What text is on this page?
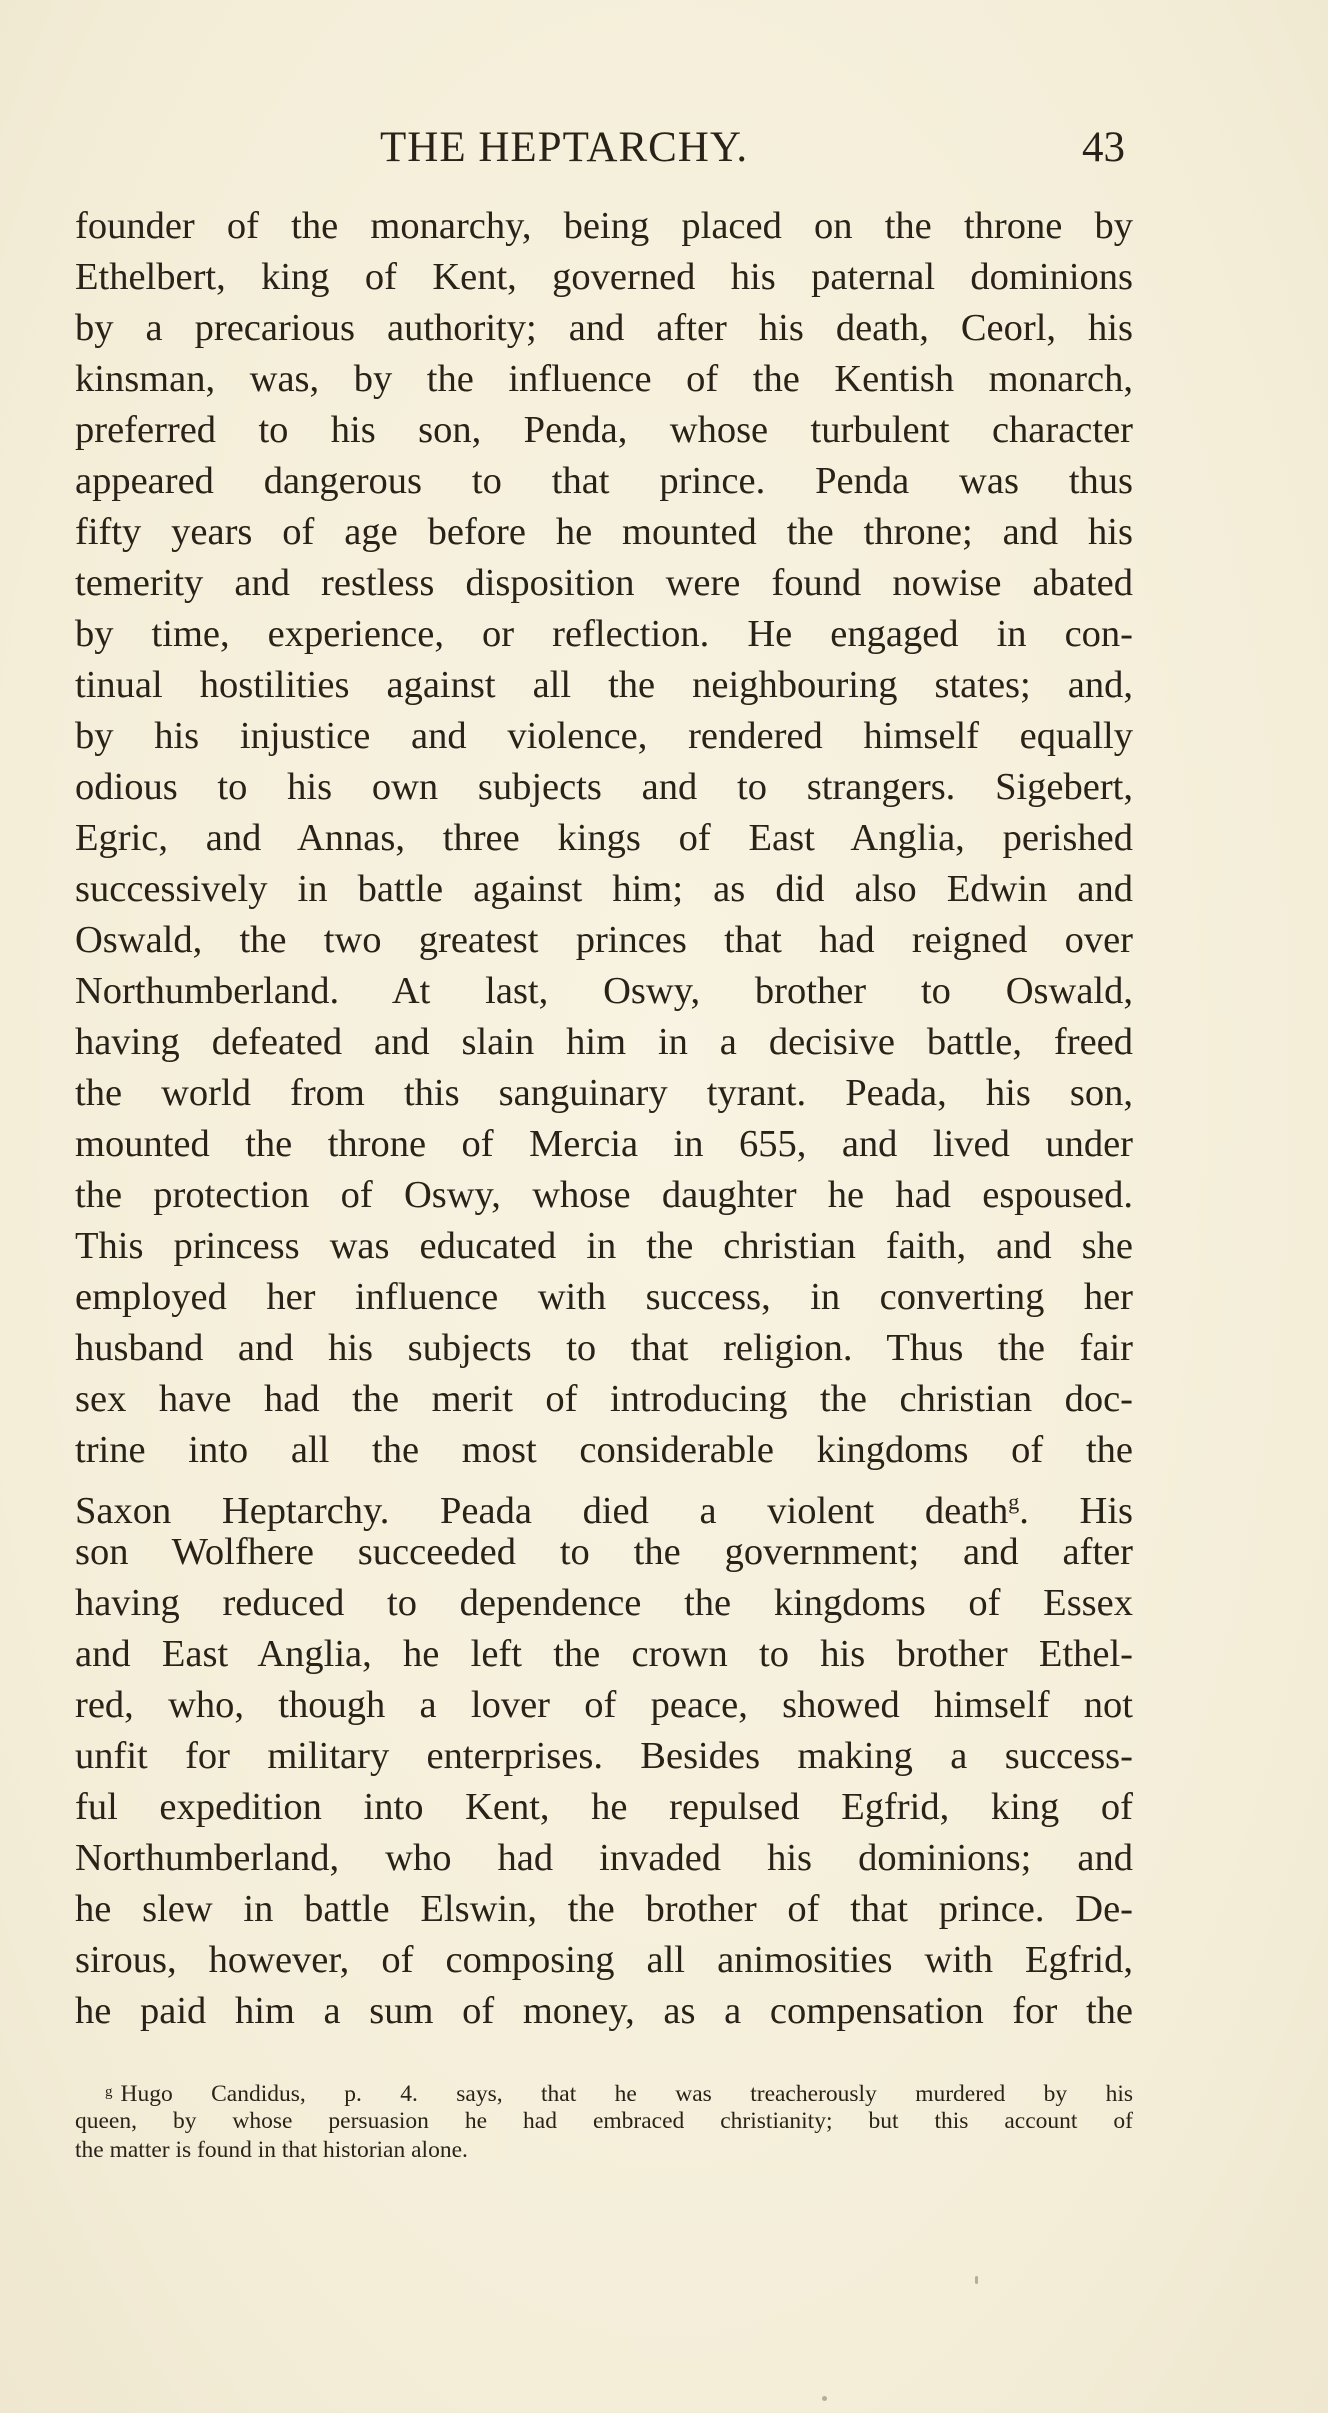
THE HEPTARCHY.	43
founder of the monarchy, being placed on the throne by
Ethelbert, king of Kent, governed his paternal dominions
by a precarious authority; and after his death, Ceorl, his
kinsman, was, by the influence of the Kentish monarch,
preferred to his son, Penda, whose turbulent character
appeared dangerous to that prince. Penda was thus
fifty years of age before he mounted the throne; and his
temerity and restless disposition were found nowise abated
by time, experience, or reflection. He engaged in con-
tinual hostilities against all the neighbouring states; and,
by his injustice and violence, rendered himself equally
odious to his own subjects and to strangers. Sigebert,
Egric, and Annas, three kings of East Anglia, perished
successively in battle against him; as did also Edwin and
Oswald, the two greatest princes that had reigned over
Northumberland. At last, Oswy, brother to Oswald,
having defeated and slain him in a decisive battle, freed
the world from this sanguinary tyrant. Peada, his son,
mounted the throne of Mercia in 655, and lived under
the protection of Oswy, whose daughter he had espoused.
This princess was educated in the christian faith, and she
employed her influence with success, in converting her
husband and his subjects to that religion. Thus the fair
sex have had the merit of introducing the christian doc-
trine into all the most considerable kingdoms of the
Saxon Heptarchy. Peada died a violent death$^g$. His
son Wolfhere succeeded to the government; and after
having reduced to dependence the kingdoms of Essex
and East Anglia, he left the crown to his brother Ethel-
red, who, though a lover of peace, showed himself not
unfit for military enterprises. Besides making a success-
ful expedition into Kent, he repulsed Egfrid, king of
Northumberland, who had invaded his dominions; and
he slew in battle Elswin, the brother of that prince. De-
sirous, however, of composing all animosities with Egfrid,
he paid him a sum of money, as a compensation for the
$^g$ Hugo Candidus, p. 4. says, that he was treacherously murdered by his
queen, by whose persuasion he had embraced christianity; but this account of
the matter is found in that historian alone.
